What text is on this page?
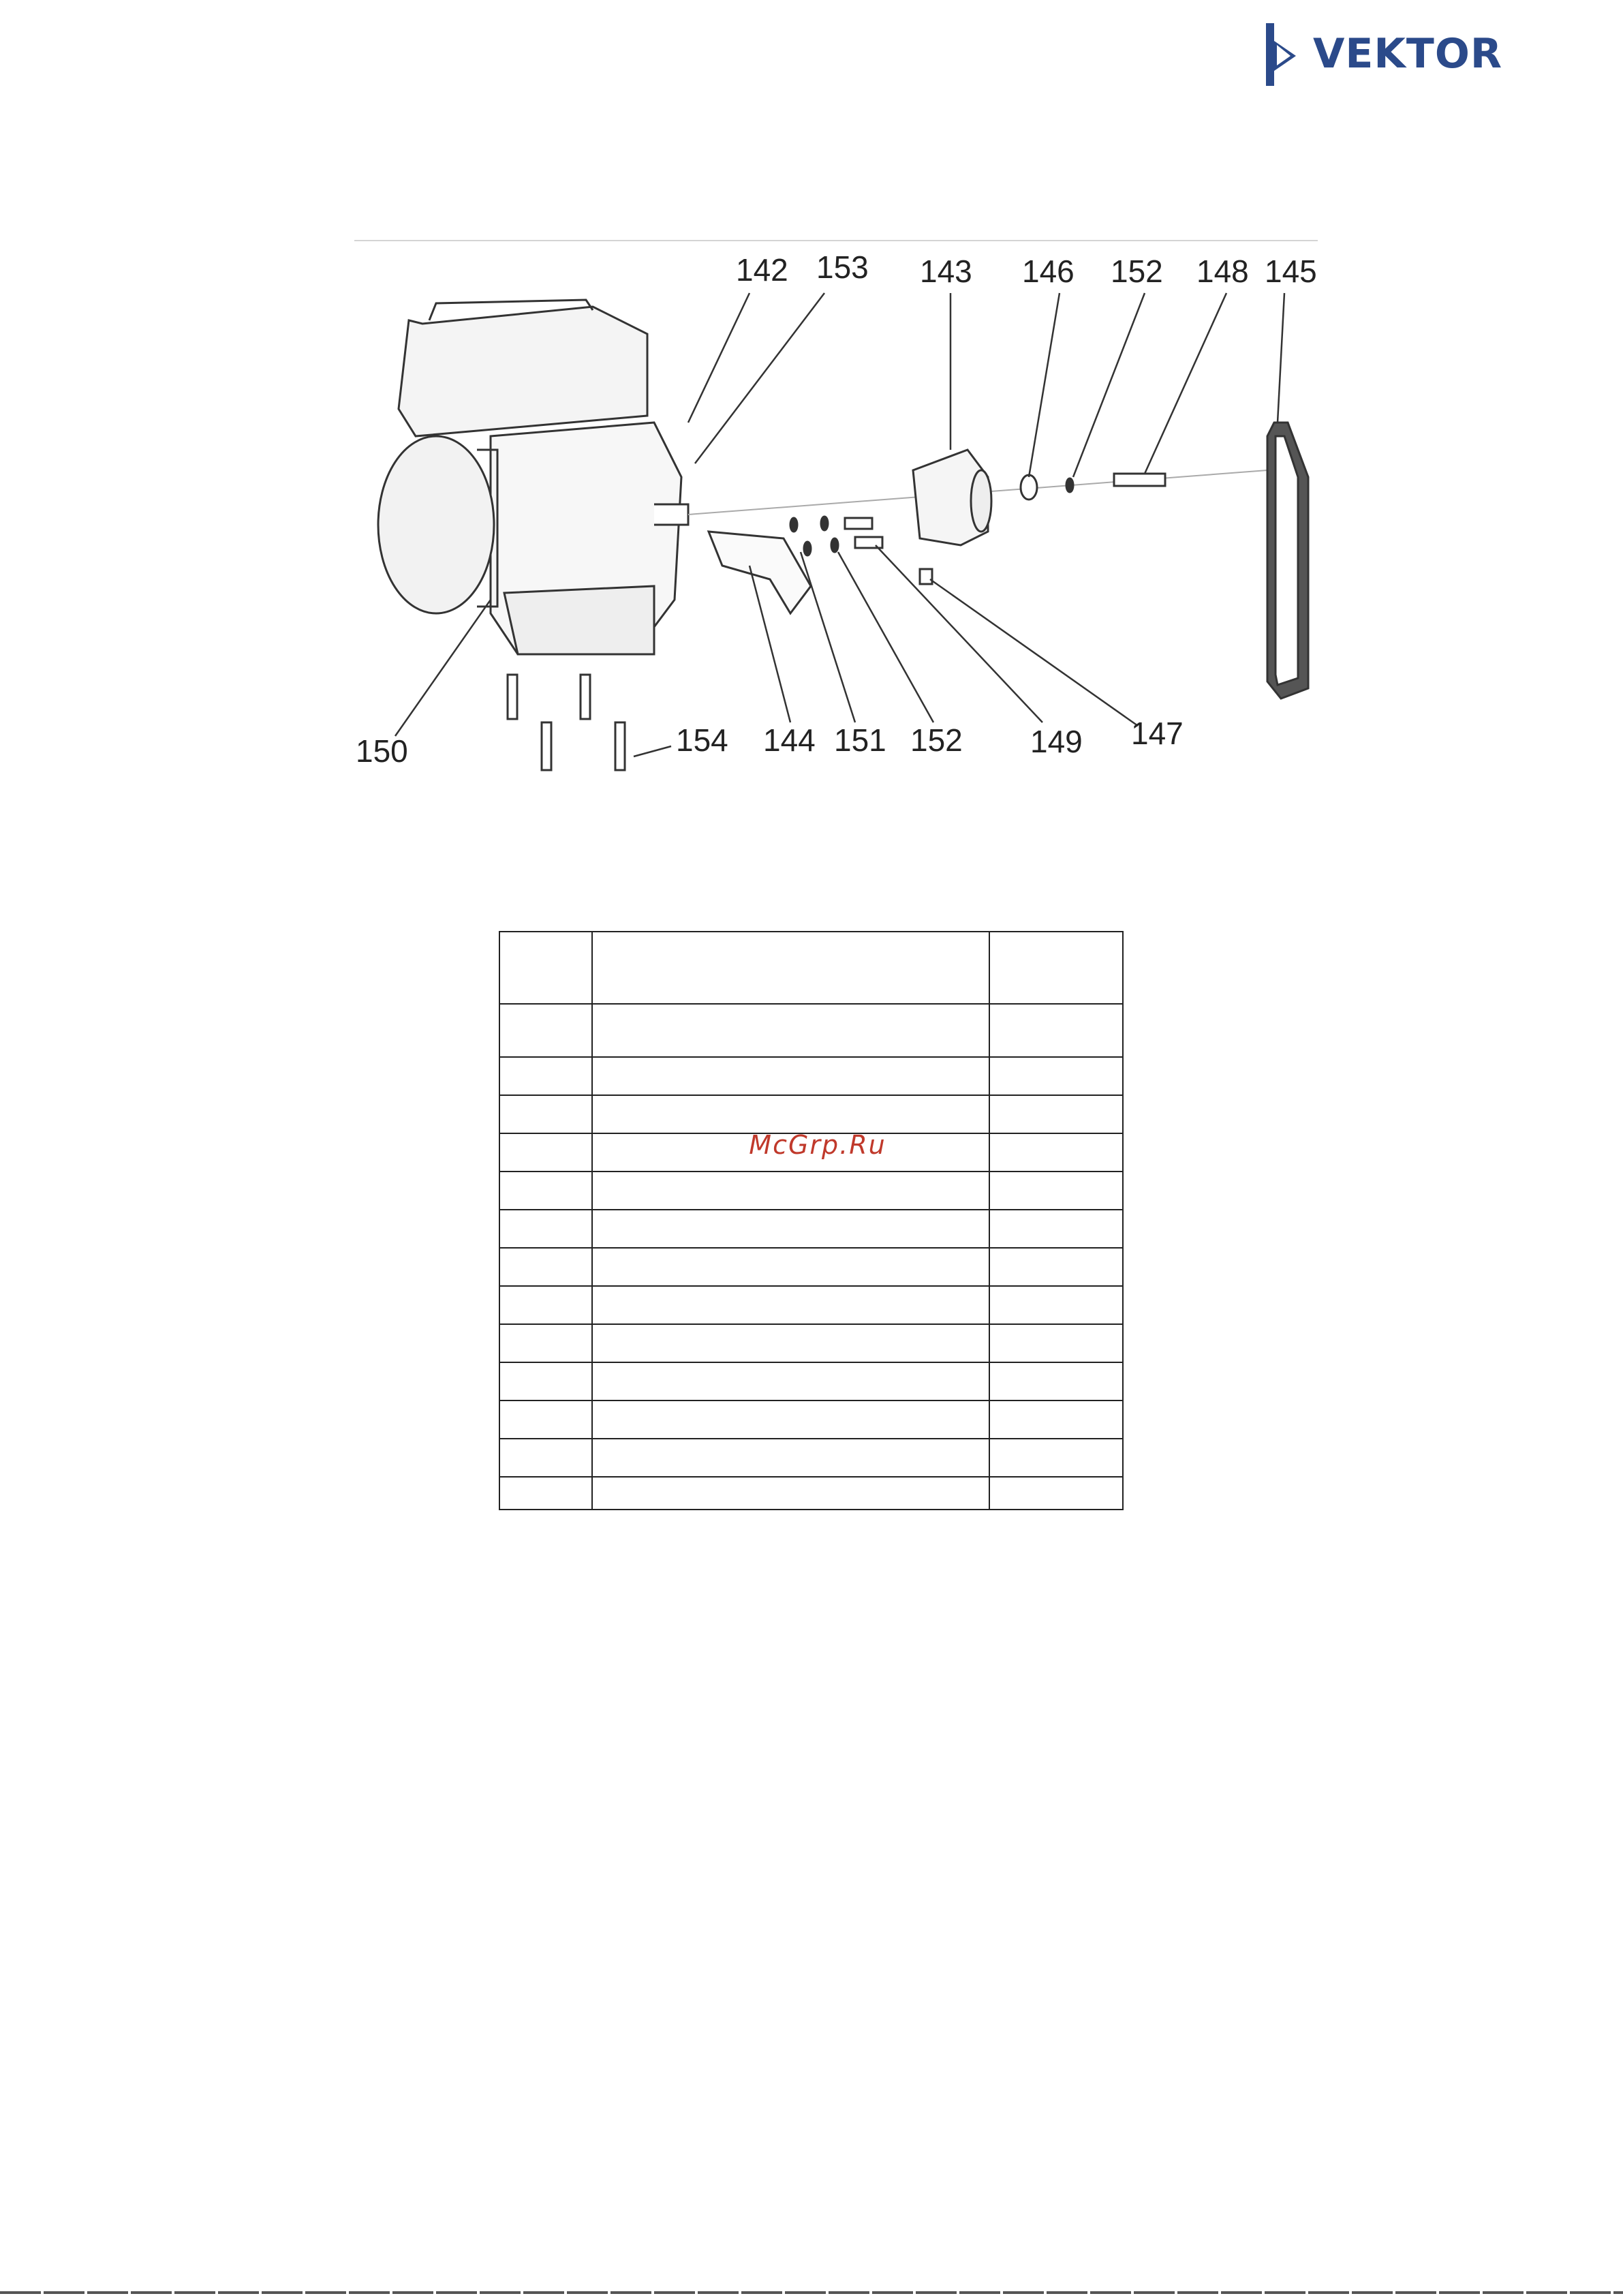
VEKTOR
142 153 143 146 152 148 145
150	154 144 151 152 149 147

McGrp.Ru
